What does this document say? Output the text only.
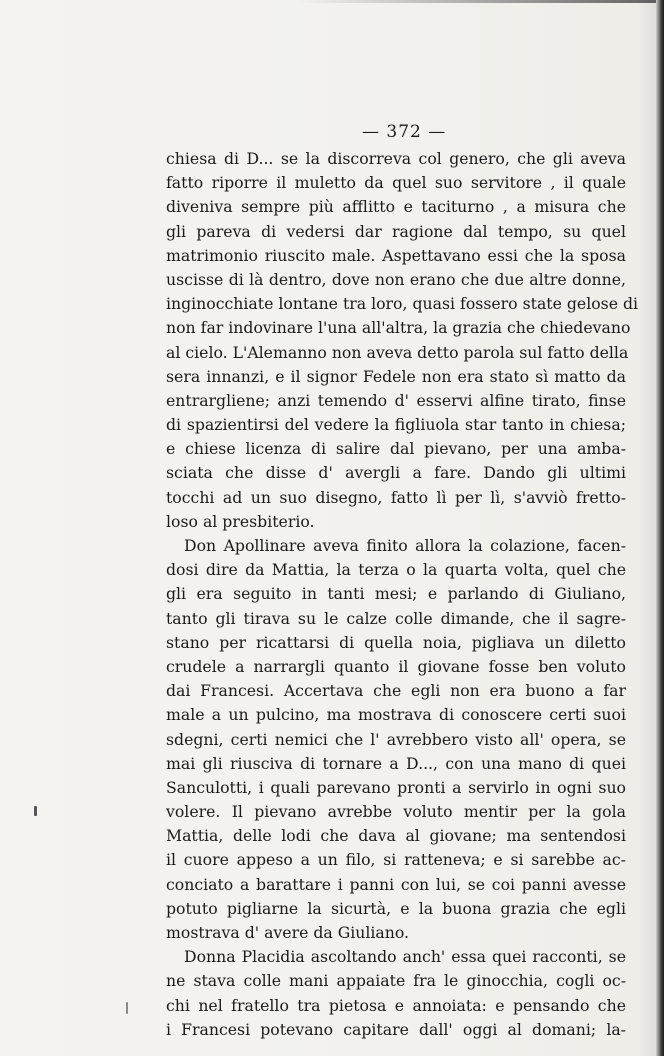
— 372 —
chiesa di D... se la discorreva col genero, che gli aveva
fatto riporre il muletto da quel suo servitore , il quale
diveniva sempre più afflitto e taciturno , a misura che
gli pareva di vedersi dar ragione dal tempo, su quel
matrimonio riuscito male. Aspettavano essi che la sposa
uscisse di là dentro, dove non erano che due altre donne,
inginocchiate lontane tra loro, quasi fossero state gelose di
non far indovinare l'una all'altra, la grazia che chiedevano
al cielo. L'Alemanno non aveva detto parola sul fatto della
sera innanzi, e il signor Fedele non era stato sì matto da
entrargliene; anzi temendo d' esservi alfine tirato, finse
di spazientirsi del vedere la figliuola star tanto in chiesa;
e chiese licenza di salire dal pievano, per una amba-
sciata che disse d' avergli a fare. Dando gli ultimi
tocchi ad un suo disegno, fatto lì per lì, s'avviò fretto-
loso al presbiterio.
Don Apollinare aveva finito allora la colazione, facen-
dosi dire da Mattia, la terza o la quarta volta, quel che
gli era seguito in tanti mesi; e parlando di Giuliano,
tanto gli tirava su le calze colle dimande, che il sagre-
stano per ricattarsi di quella noia, pigliava un diletto
crudele a narrargli quanto il giovane fosse ben voluto
dai Francesi. Accertava che egli non era buono a far
male a un pulcino, ma mostrava di conoscere certi suoi
sdegni, certi nemici che l' avrebbero visto all' opera, se
mai gli riusciva di tornare a D..., con una mano di quei
Sanculotti, i quali parevano pronti a servirlo in ogni suo
volere. Il pievano avrebbe voluto mentir per la gola
Mattia, delle lodi che dava al giovane; ma sentendosi
il cuore appeso a un filo, si ratteneva; e si sarebbe ac-
conciato a barattare i panni con lui, se coi panni avesse
potuto pigliarne la sicurtà, e la buona grazia che egli
mostrava d' avere da Giuliano.
Donna Placidia ascoltando anch' essa quei racconti, se
ne stava colle mani appaiate fra le ginocchia, cogli oc-
chi nel fratello tra pietosa e annoiata: e pensando che
i Francesi potevano capitare dall' oggi al domani; la-
